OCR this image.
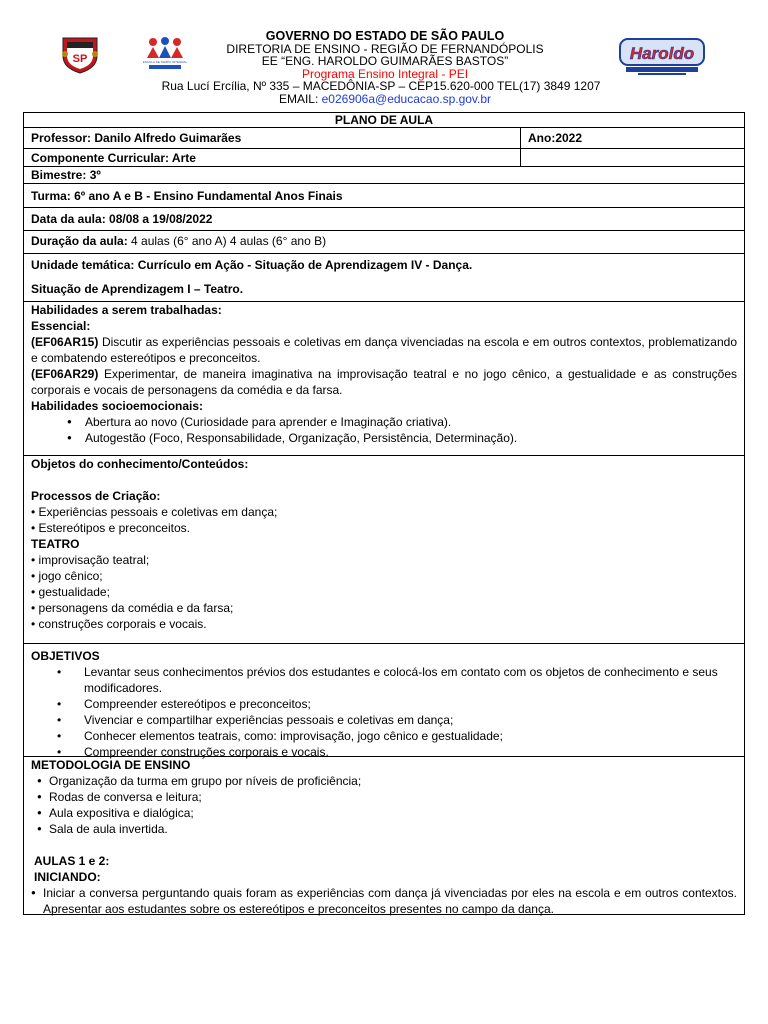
SP	ESCOLA DE TEMPO INTEGRAL
GOVERNO DO ESTADO DE SÃO PAULO
DIRETORIA DE ENSINO - REGIÃO DE FERNANDÓPOLIS
EE “ENG. HAROLDO GUIMARÃES BASTOS”
Programa Ensino Integral - PEI
Rua Lucí Ercília, Nº 335 – MACEDÔNIA-SP – CEP15.620-000 TEL(17) 3849 1207
EMAIL: e026906a@educacao.sp.gov.br
Haroldo
PLANO DE AULA
Professor: Danilo Alfredo Guimarães	Ano:2022
Componente Curricular: Arte
Bimestre: 3º
Turma: 6º ano A e B - Ensino Fundamental Anos Finais
Data da aula: 08/08 a 19/08/2022
Duração da aula: 4 aulas (6° ano A) 4 aulas (6° ano B)
Unidade temática: Currículo em Ação - Situação de Aprendizagem IV - Dança.
Situação de Aprendizagem I – Teatro.
Habilidades a serem trabalhadas:
Essencial:

(EF06AR15) Discutir as experiências pessoais e coletivas em dança vivenciadas na escola e em outros contextos, problematizando e combatendo estereótipos e preconceitos.

(EF06AR29) Experimentar, de maneira imaginativa na improvisação teatral e no jogo cênico, a gestualidade e as construções corporais e vocais de personagens da comédia e da farsa.

Habilidades socioemocionais:
● Abertura ao novo (Curiosidade para aprender e Imaginação criativa).
● Autogestão (Foco, Responsabilidade, Organização, Persistência, Determinação).
Objetos do conhecimento/Conteúdos:
Processos de Criação:
• Experiências pessoais e coletivas em dança;
• Estereótipos e preconceitos.
TEATRO
• improvisação teatral;
• jogo cênico;
• gestualidade;
• personagens da comédia e da farsa;
• construções corporais e vocais.
OBJETIVOS
• Levantar seus conhecimentos prévios dos estudantes e colocá-los em contato com os objetos de conhecimento e seus modificadores.
• Compreender estereótipos e preconceitos;
• Vivenciar e compartilhar experiências pessoais e coletivas em dança;
• Conhecer elementos teatrais, como: improvisação, jogo cênico e gestualidade;
• Compreender construções corporais e vocais.
METODOLOGIA DE ENSINO
● Organização da turma em grupo por níveis de proficiência;
● Rodas de conversa e leitura;
● Aula expositiva e dialógica;
● Sala de aula invertida.
AULAS 1 e 2:
INICIANDO:
● Iniciar a conversa perguntando quais foram as experiências com dança já vivenciadas por eles na escola e em outros contextos. Apresentar aos estudantes sobre os estereótipos e preconceitos presentes no campo da dança.
